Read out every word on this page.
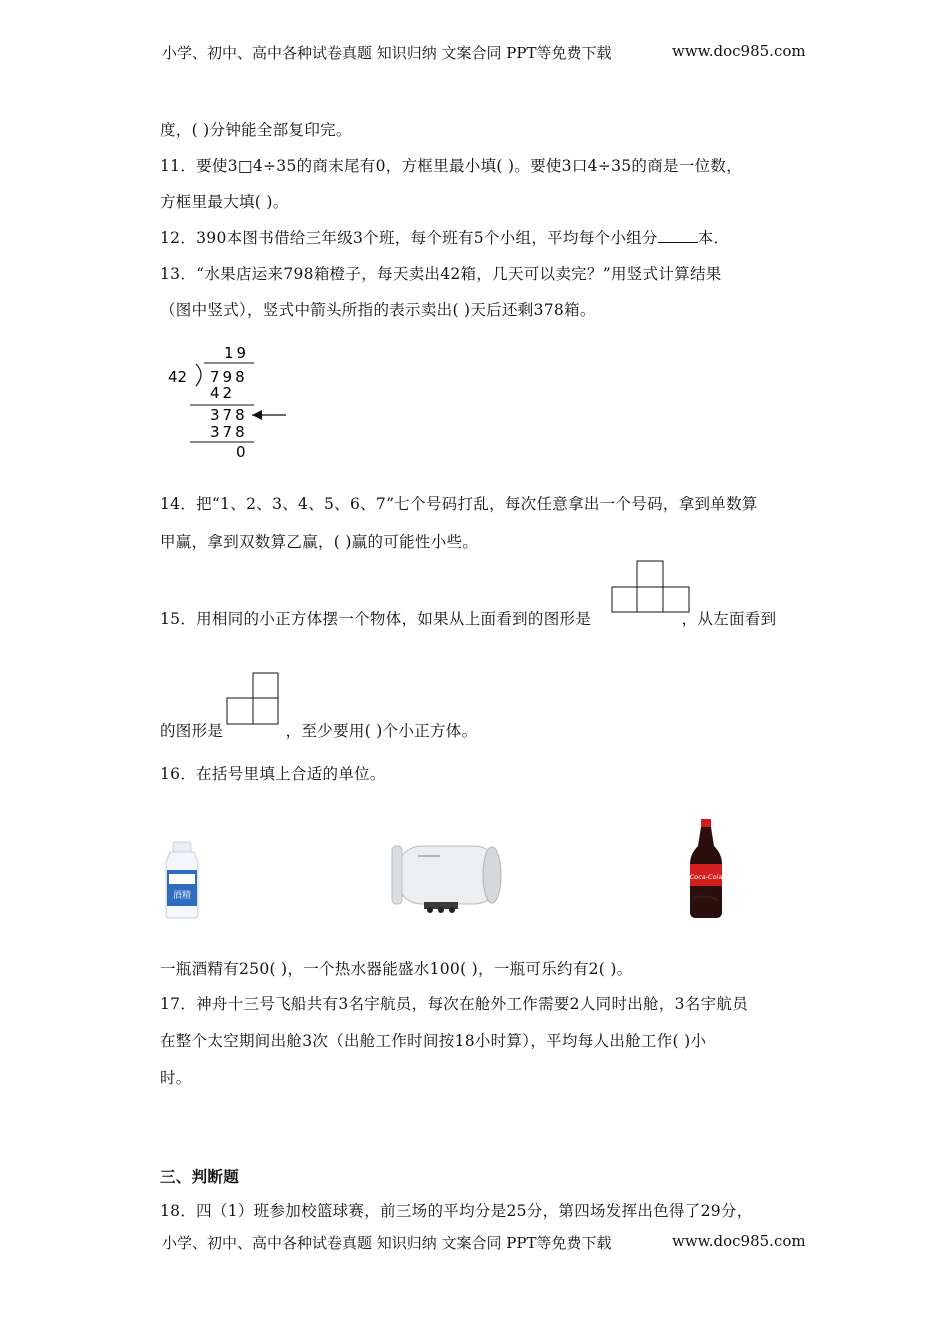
小学、初中、高中各种试卷真题 知识归纳 文案合同 PPT等免费下载	www.doc985.com
度，( )分钟能全部复印完。
11．要使3□4÷35的商末尾有0，方框里最小填( )。要使3口4÷35的商是一位数，
方框里最大填( )。
12．390本图书借给三年级3个班，每个班有5个小组，平均每个小组分	本．
13．“水果店运来798箱橙子，每天卖出42箱，几天可以卖完？”用竖式计算结果
（图中竖式），竖式中箭头所指的表示卖出( )天后还剩378箱。
19
42 798
42
378
378
0
14．把“1、2、3、4、5、6、7”七个号码打乱，每次任意拿出一个号码，拿到单数算
甲赢，拿到双数算乙赢，( )赢的可能性小些。
15．用相同的小正方体摆一个物体，如果从上面看到的图形是	，从左面看到
的图形是	，至少要用( )个小正方体。
16．在括号里填上合适的单位。
酒精
Coca-Cola
一瓶酒精有250( )，一个热水器能盛水100( )，一瓶可乐约有2( )。
17．神舟十三号飞船共有3名宇航员，每次在舱外工作需要2人同时出舱，3名宇航员
在整个太空期间出舱3次（出舱工作时间按18小时算），平均每人出舱工作( )小
时。
三、判断题
18．四（1）班参加校篮球赛，前三场的平均分是25分，第四场发挥出色得了29分，
小学、初中、高中各种试卷真题 知识归纳 文案合同 PPT等免费下载	www.doc985.com
